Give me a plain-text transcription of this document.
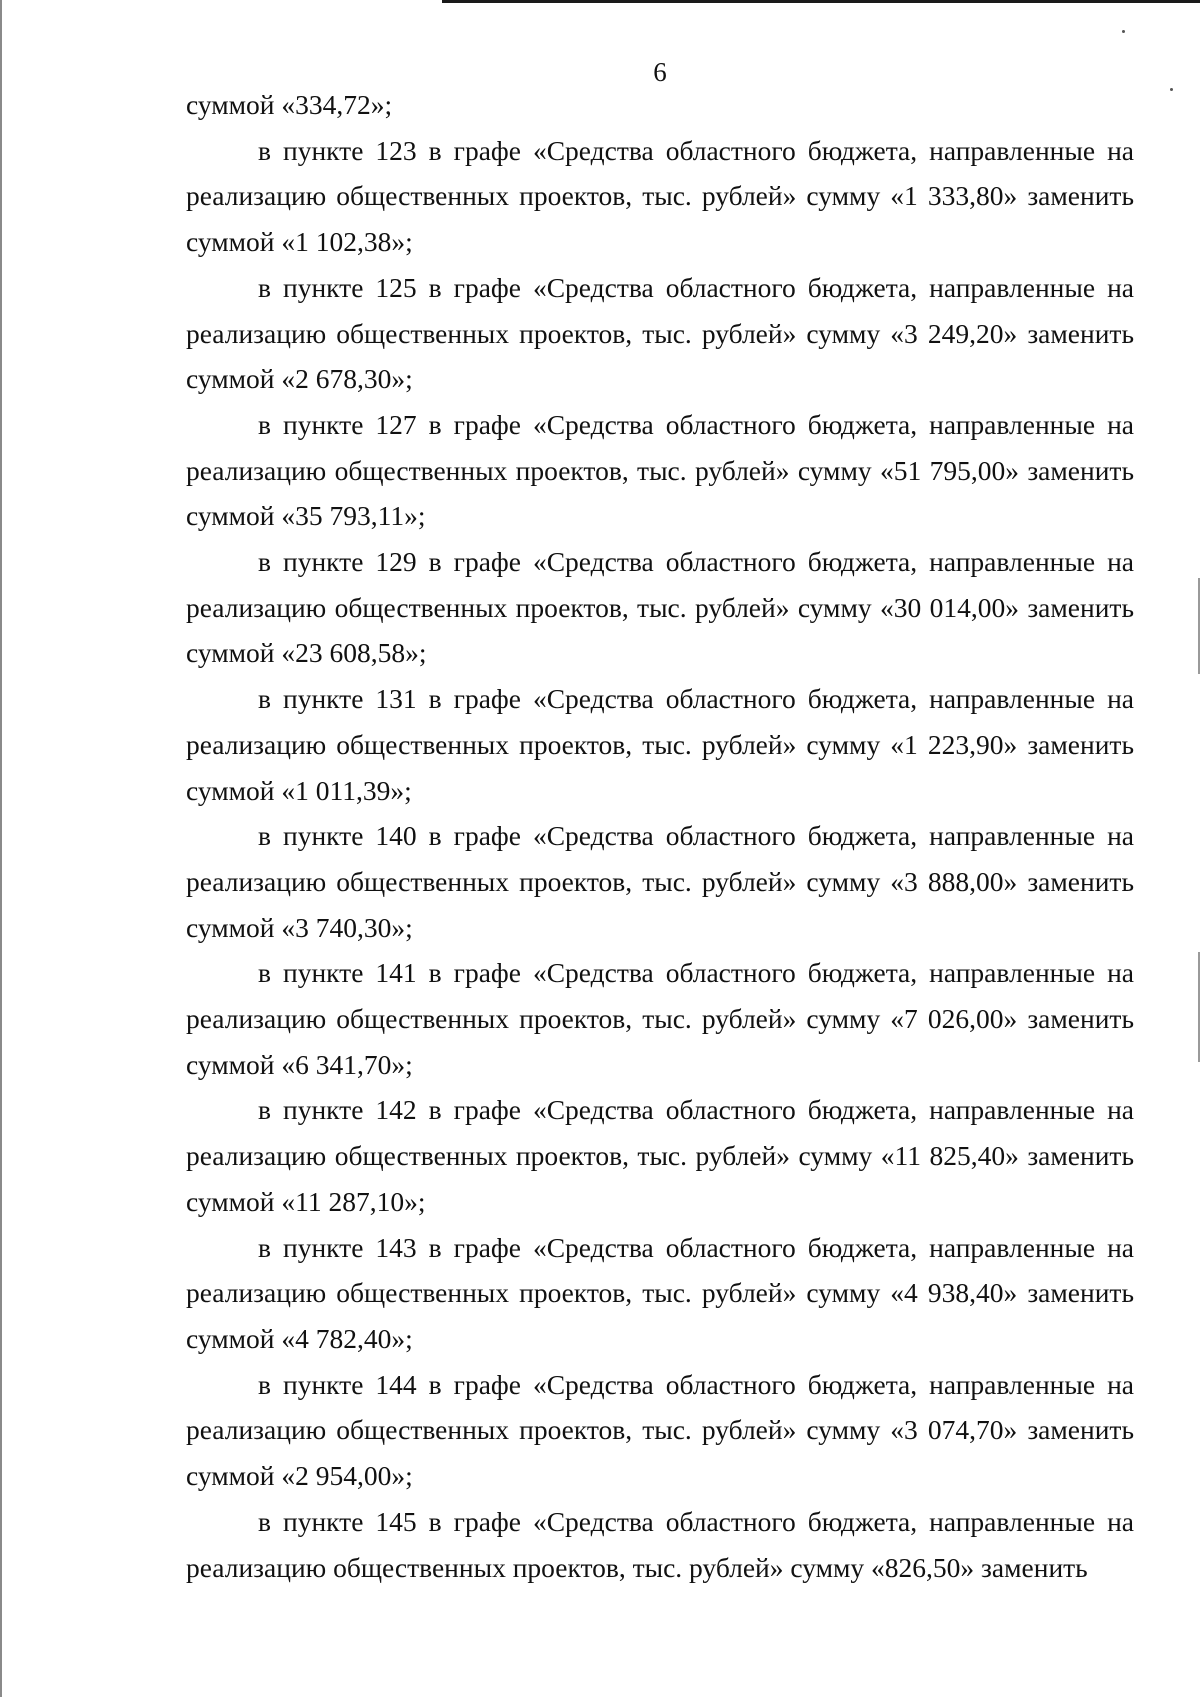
6

суммой «334,72»;

в пункте 123 в графе «Средства областного бюджета, направленные на реализацию общественных проектов, тыс. рублей» сумму «1 333,80» заменить суммой «1 102,38»;

в пункте 125 в графе «Средства областного бюджета, направленные на реализацию общественных проектов, тыс. рублей» сумму «3 249,20» заменить суммой «2 678,30»;

в пункте 127 в графе «Средства областного бюджета, направленные на реализацию общественных проектов, тыс. рублей» сумму «51 795,00» заменить суммой «35 793,11»;

в пункте 129 в графе «Средства областного бюджета, направленные на реализацию общественных проектов, тыс. рублей» сумму «30 014,00» заменить суммой «23 608,58»;

в пункте 131 в графе «Средства областного бюджета, направленные на реализацию общественных проектов, тыс. рублей» сумму «1 223,90» заменить суммой «1 011,39»;

в пункте 140 в графе «Средства областного бюджета, направленные на реализацию общественных проектов, тыс. рублей» сумму «3 888,00» заменить суммой «3 740,30»;

в пункте 141 в графе «Средства областного бюджета, направленные на реализацию общественных проектов, тыс. рублей» сумму «7 026,00» заменить суммой «6 341,70»;

в пункте 142 в графе «Средства областного бюджета, направленные на реализацию общественных проектов, тыс. рублей» сумму «11 825,40» заменить суммой «11 287,10»;

в пункте 143 в графе «Средства областного бюджета, направленные на реализацию общественных проектов, тыс. рублей» сумму «4 938,40» заменить суммой «4 782,40»;

в пункте 144 в графе «Средства областного бюджета, направленные на реализацию общественных проектов, тыс. рублей» сумму «3 074,70» заменить суммой «2 954,00»;

в пункте 145 в графе «Средства областного бюджета, направленные на реализацию общественных проектов, тыс. рублей» сумму «826,50» заменить
